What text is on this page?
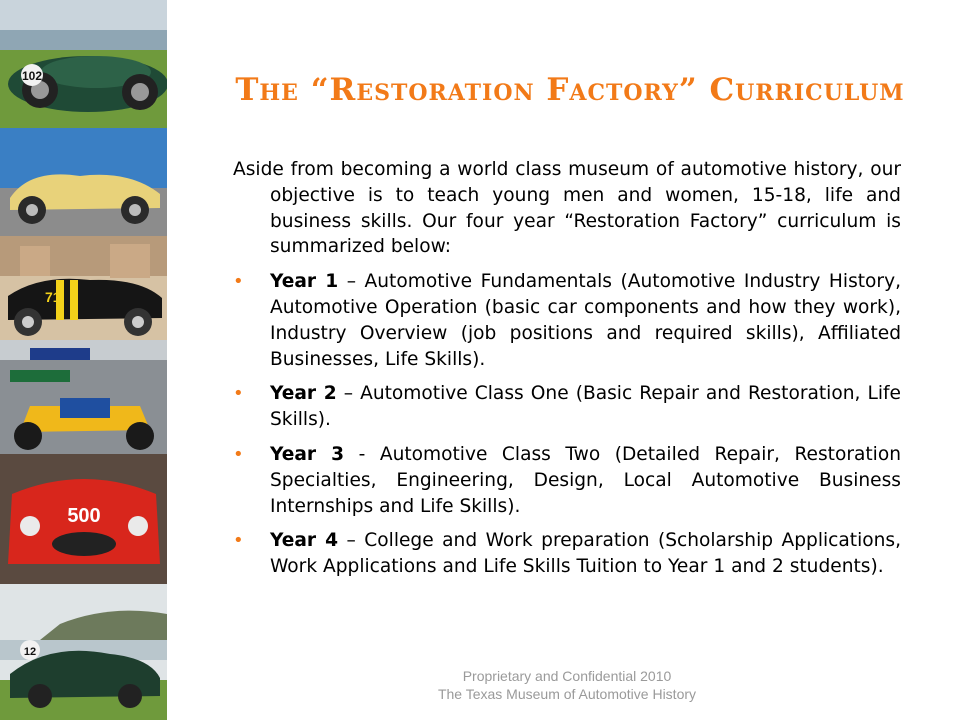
102
71
500
12
The “Restoration Factory” Curriculum

Aside from becoming a world class museum of automotive history, our objective is to teach young men and women, 15-18, life and business skills. Our four year “Restoration Factory” curriculum is summarized below:

• Year 1 – Automotive Fundamentals (Automotive Industry History, Automotive Operation (basic car components and how they work), Industry Overview (job positions and required skills), Affiliated Businesses, Life Skills).
• Year 2 – Automotive Class One (Basic Repair and Restoration, Life Skills).
• Year 3 - Automotive Class Two (Detailed Repair, Restoration Specialties, Engineering, Design, Local Automotive Business Internships and Life Skills).
• Year 4 – College and Work preparation (Scholarship Applications, Work Applications and Life Skills Tuition to Year 1 and 2 students).
Proprietary and Confidential 2010
The Texas Museum of Automotive History
